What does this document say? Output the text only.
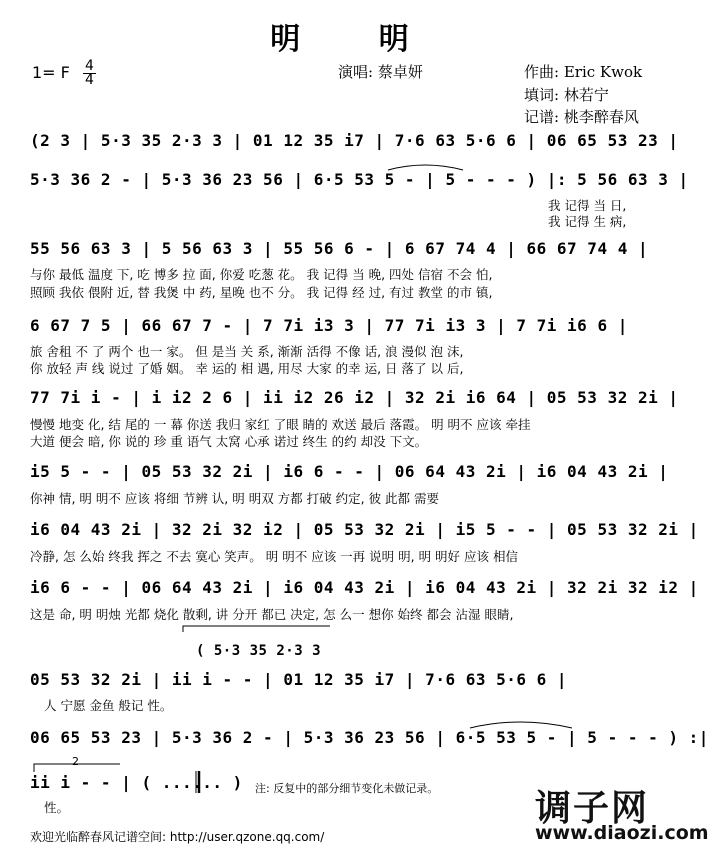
明 明
1= F $\frac{4}{4}$	演唱: 蔡卓妍	作曲: Eric Kwok
填词: 林若宁
记谱: 桃李醉春风
(2 3 | 5·3 35 2·3 3 | 01 12 35 i7 | 7·6 63 5·6 6 | 06 65 53 23 |
5·3 36 2 - | 5·3 36 23 56 | 6·5 53 5 - | 5 - - - ) |: 5 56 63 3 |
我 记得 当 日,
我 记得 生 病,
55 56 63 3 | 5 56 63 3 | 55 56 6 - | 6 67 74 4 | 66 67 74 4 |
与你 最低 温度 下, 吃 博多 拉 面, 你爱 吃葱 花。 我 记得 当 晚, 四处 信宿 不会 怕,
照顾 我依 偎附 近, 替 我煲 中 药, 星晚 也不 分。 我 记得 经 过, 有过 教堂 的市 镇,
6 67 7 5 | 66 67 7 - | 7 7i i3 3 | 77 7i i3 3 | 7 7i i6 6 |
旅 舍租 不 了 两个 也一 家。 但 是当 关 系, 渐渐 活得 不像 话, 浪 漫似 泡 沫,
你 放轻 声 线 说过 了婚 姻。 幸 运的 相 遇, 用尽 大家 的幸 运, 日 落了 以 后,
77 7i i - | i i2 2 6 | ii i2 26 i2 | 32 2i i6 64 | 05 53 32 2i |
慢慢 地变 化, 结 尾的 一 幕 你送 我归 家红 了眼 睛的 欢送 最后 落霞。 明 明不 应该 牵挂
大道 便会 暗, 你 说的 珍 重 语气 太窝 心承 诺过 终生 的约 却没 下文。
i5 5 - - | 05 53 32 2i | i6 6 - - | 06 64 43 2i | i6 04 43 2i |
你神 情, 明 明不 应该 将细 节辨 认, 明 明双 方都 打破 约定, 彼 此都 需要
i6 04 43 2i | 32 2i 32 i2 | 05 53 32 2i | i5 5 - - | 05 53 32 2i |
冷静, 怎 么始 终我 挥之 不去 寞心 笑声。 明 明不 应该 一再 说明 明, 明 明好 应该 相信
i6 6 - - | 06 64 43 2i | i6 04 43 2i | i6 04 43 2i | 32 2i 32 i2 |
这是 命, 明 明烛 光都 烧化 散剩, 讲 分开 都已 决定, 怎 么一 想你 始终 都会 沾湿 眼睛,
( 5·3 35 2·3 3
05 53 32 2i | ii i - - | 01 12 35 i7 | 7·6 63 5·6 6 |
人 宁愿 金鱼 般记 性。
06 65 53 23 | 5·3 36 2 - | 5·3 36 23 56 | 6·5 53 5 - | 5 - - - ) :|
2
ii i - - | ( ...... )
性。
注: 反复中的部分细节变化未做记录。
欢迎光临醉春风记谱空间: http://user.qzone.qq.com/
调子网
www.diaozi.com
